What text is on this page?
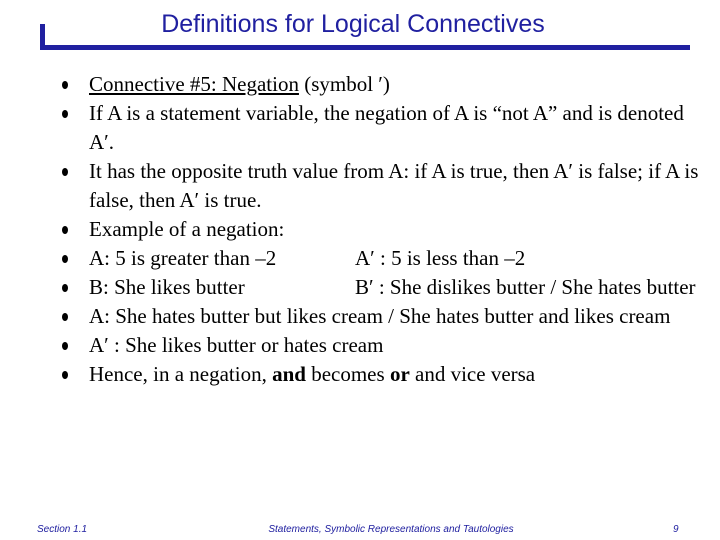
Definitions for Logical Connectives
Connective #5: Negation (symbol ′)
If A is a statement variable, the negation of A is “not A” and is denoted A′.
It has the opposite truth value from A: if A is true, then A′ is false; if A is false, then A′ is true.
Example of a negation:
A: 5 is greater than –2	A′ : 5 is less than –2
B: She likes butter	B′ : She dislikes butter / She hates butter
A: She hates butter but likes cream / She hates butter and likes cream
A′ : She likes butter or hates cream
Hence, in a negation, and becomes or and vice versa
Section 1.1	Statements, Symbolic Representations and Tautologies	9
